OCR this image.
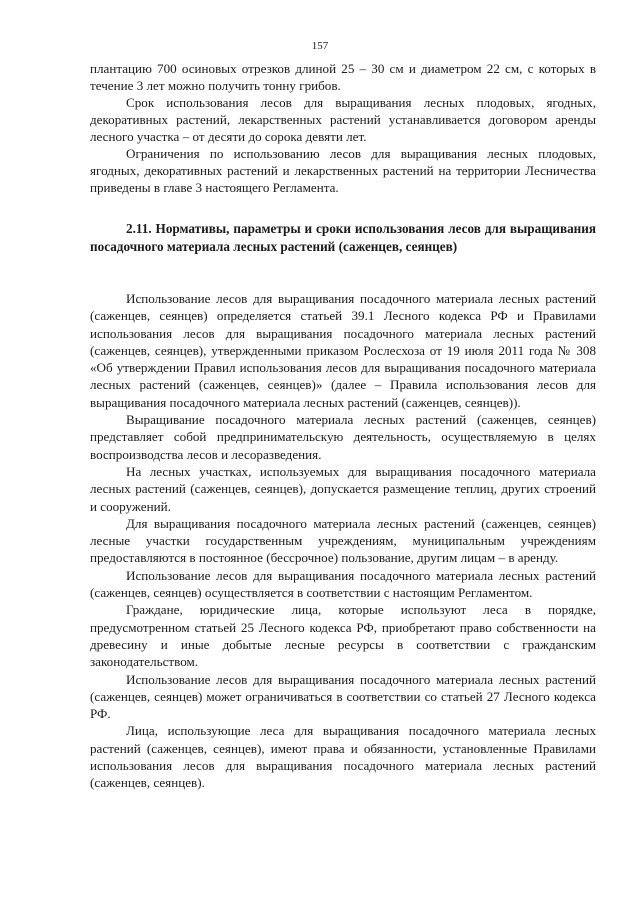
157

плантацию 700 осиновых отрезков длиной 25 – 30 см и диаметром 22 см, с которых в течение 3 лет можно получить тонну грибов.

Срок использования лесов для выращивания лесных плодовых, ягодных, декоративных растений, лекарственных растений устанавливается договором аренды лесного участка – от десяти до сорока девяти лет.

Ограничения по использованию лесов для выращивания лесных плодовых, ягодных, декоративных растений и лекарственных растений на территории Лесничества приведены в главе 3 настоящего Регламента.

2.11. Нормативы, параметры и сроки использования лесов для выращивания посадочного материала лесных растений (саженцев, сеянцев)

Использование лесов для выращивания посадочного материала лесных растений (саженцев, сеянцев) определяется статьей 39.1 Лесного кодекса РФ и Правилами использования лесов для выращивания посадочного материала лесных растений (саженцев, сеянцев), утвержденными приказом Рослесхоза от 19 июля 2011 года № 308 «Об утверждении Правил использования лесов для выращивания посадочного материала лесных растений (саженцев, сеянцев)» (далее – Правила использования лесов для выращивания посадочного материала лесных растений (саженцев, сеянцев)).

Выращивание посадочного материала лесных растений (саженцев, сеянцев) представляет собой предпринимательскую деятельность, осуществляемую в целях воспроизводства лесов и лесоразведения.

На лесных участках, используемых для выращивания посадочного материала лесных растений (саженцев, сеянцев), допускается размещение теплиц, других строений и сооружений.

Для выращивания посадочного материала лесных растений (саженцев, сеянцев) лесные участки государственным учреждениям, муниципальным учреждениям предоставляются в постоянное (бессрочное) пользование, другим лицам – в аренду.

Использование лесов для выращивания посадочного материала лесных растений (саженцев, сеянцев) осуществляется в соответствии с настоящим Регламентом.

Граждане, юридические лица, которые используют леса в порядке, предусмотренном статьей 25 Лесного кодекса РФ, приобретают право собственности на древесину и иные добытые лесные ресурсы в соответствии с гражданским законодательством.

Использование лесов для выращивания посадочного материала лесных растений (саженцев, сеянцев) может ограничиваться в соответствии со статьей 27 Лесного кодекса РФ.

Лица, использующие леса для выращивания посадочного материала лесных растений (саженцев, сеянцев), имеют права и обязанности, установленные Правилами использования лесов для выращивания посадочного материала лесных растений (саженцев, сеянцев).
